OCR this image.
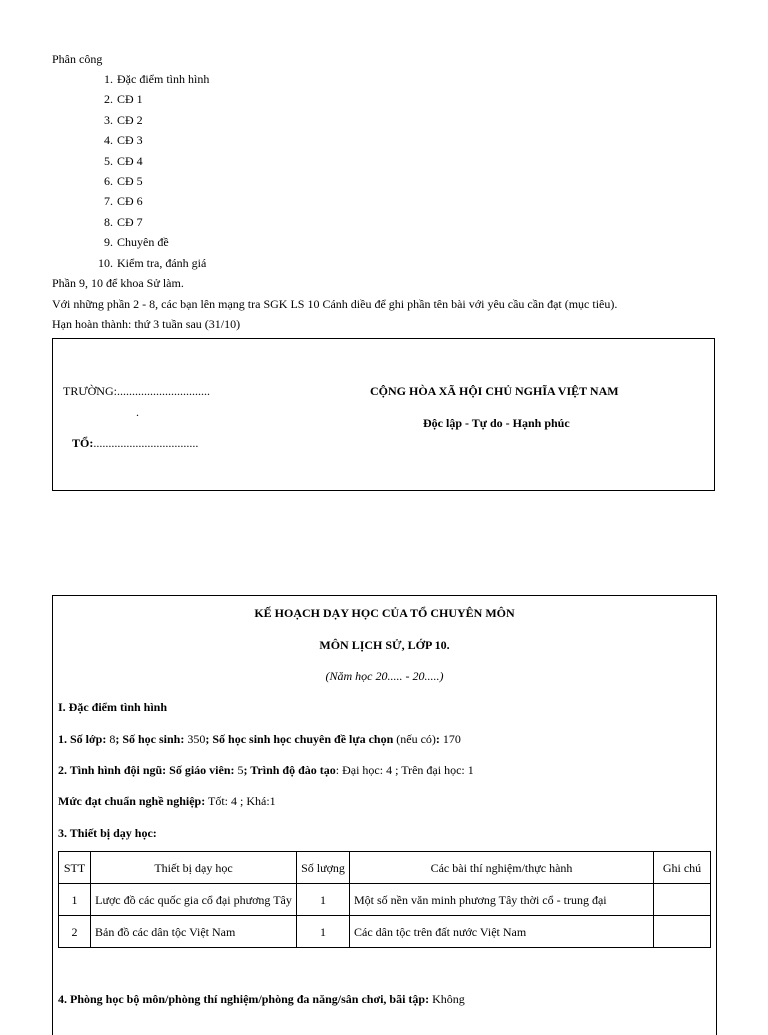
Phân công
1. Đặc điểm tình hình
2. CĐ 1
3. CĐ 2
4. CĐ 3
5. CĐ 4
6. CĐ 5
7. CĐ 6
8. CĐ 7
9. Chuyên đề
10. Kiểm tra, đánh giá
Phần 9, 10 để khoa Sử làm.
Với những phần 2 - 8, các bạn lên mạng tra SGK LS 10 Cánh diều để ghi phần tên bài với yêu cầu cần đạt (mục tiêu).
Hạn hoàn thành: thứ 3 tuần sau (31/10)
TRƯỜNG:...............................
.
TỔ:...................................
CỘNG HÒA XÃ HỘI CHỦ NGHĨA VIỆT NAM
Độc lập - Tự do - Hạnh phúc
KẾ HOẠCH DẠY HỌC CỦA TỔ CHUYÊN MÔN
MÔN LỊCH SỬ, LỚP 10.
(Năm học 20..... - 20.....)
I. Đặc điểm tình hình
1. Số lớp: 8; Số học sinh: 350; Số học sinh học chuyên đề lựa chọn (nếu có): 170
2. Tình hình đội ngũ: Số giáo viên: 5; Trình độ đào tạo: Đại học: 4 ; Trên đại học: 1
Mức đạt chuẩn nghề nghiệp: Tốt: 4 ; Khá:1
3. Thiết bị dạy học:
STT	Thiết bị dạy học	Số lượng	Các bài thí nghiệm/thực hành	Ghi chú
1	Lược đồ các quốc gia cổ đại phương Tây	1	Một số nền văn minh phương Tây thời cổ - trung đại	
2	Bản đồ các dân tộc Việt Nam	1	Các dân tộc trên đất nước Việt Nam	
4. Phòng học bộ môn/phòng thí nghiệm/phòng đa năng/sân chơi, bãi tập: Không
